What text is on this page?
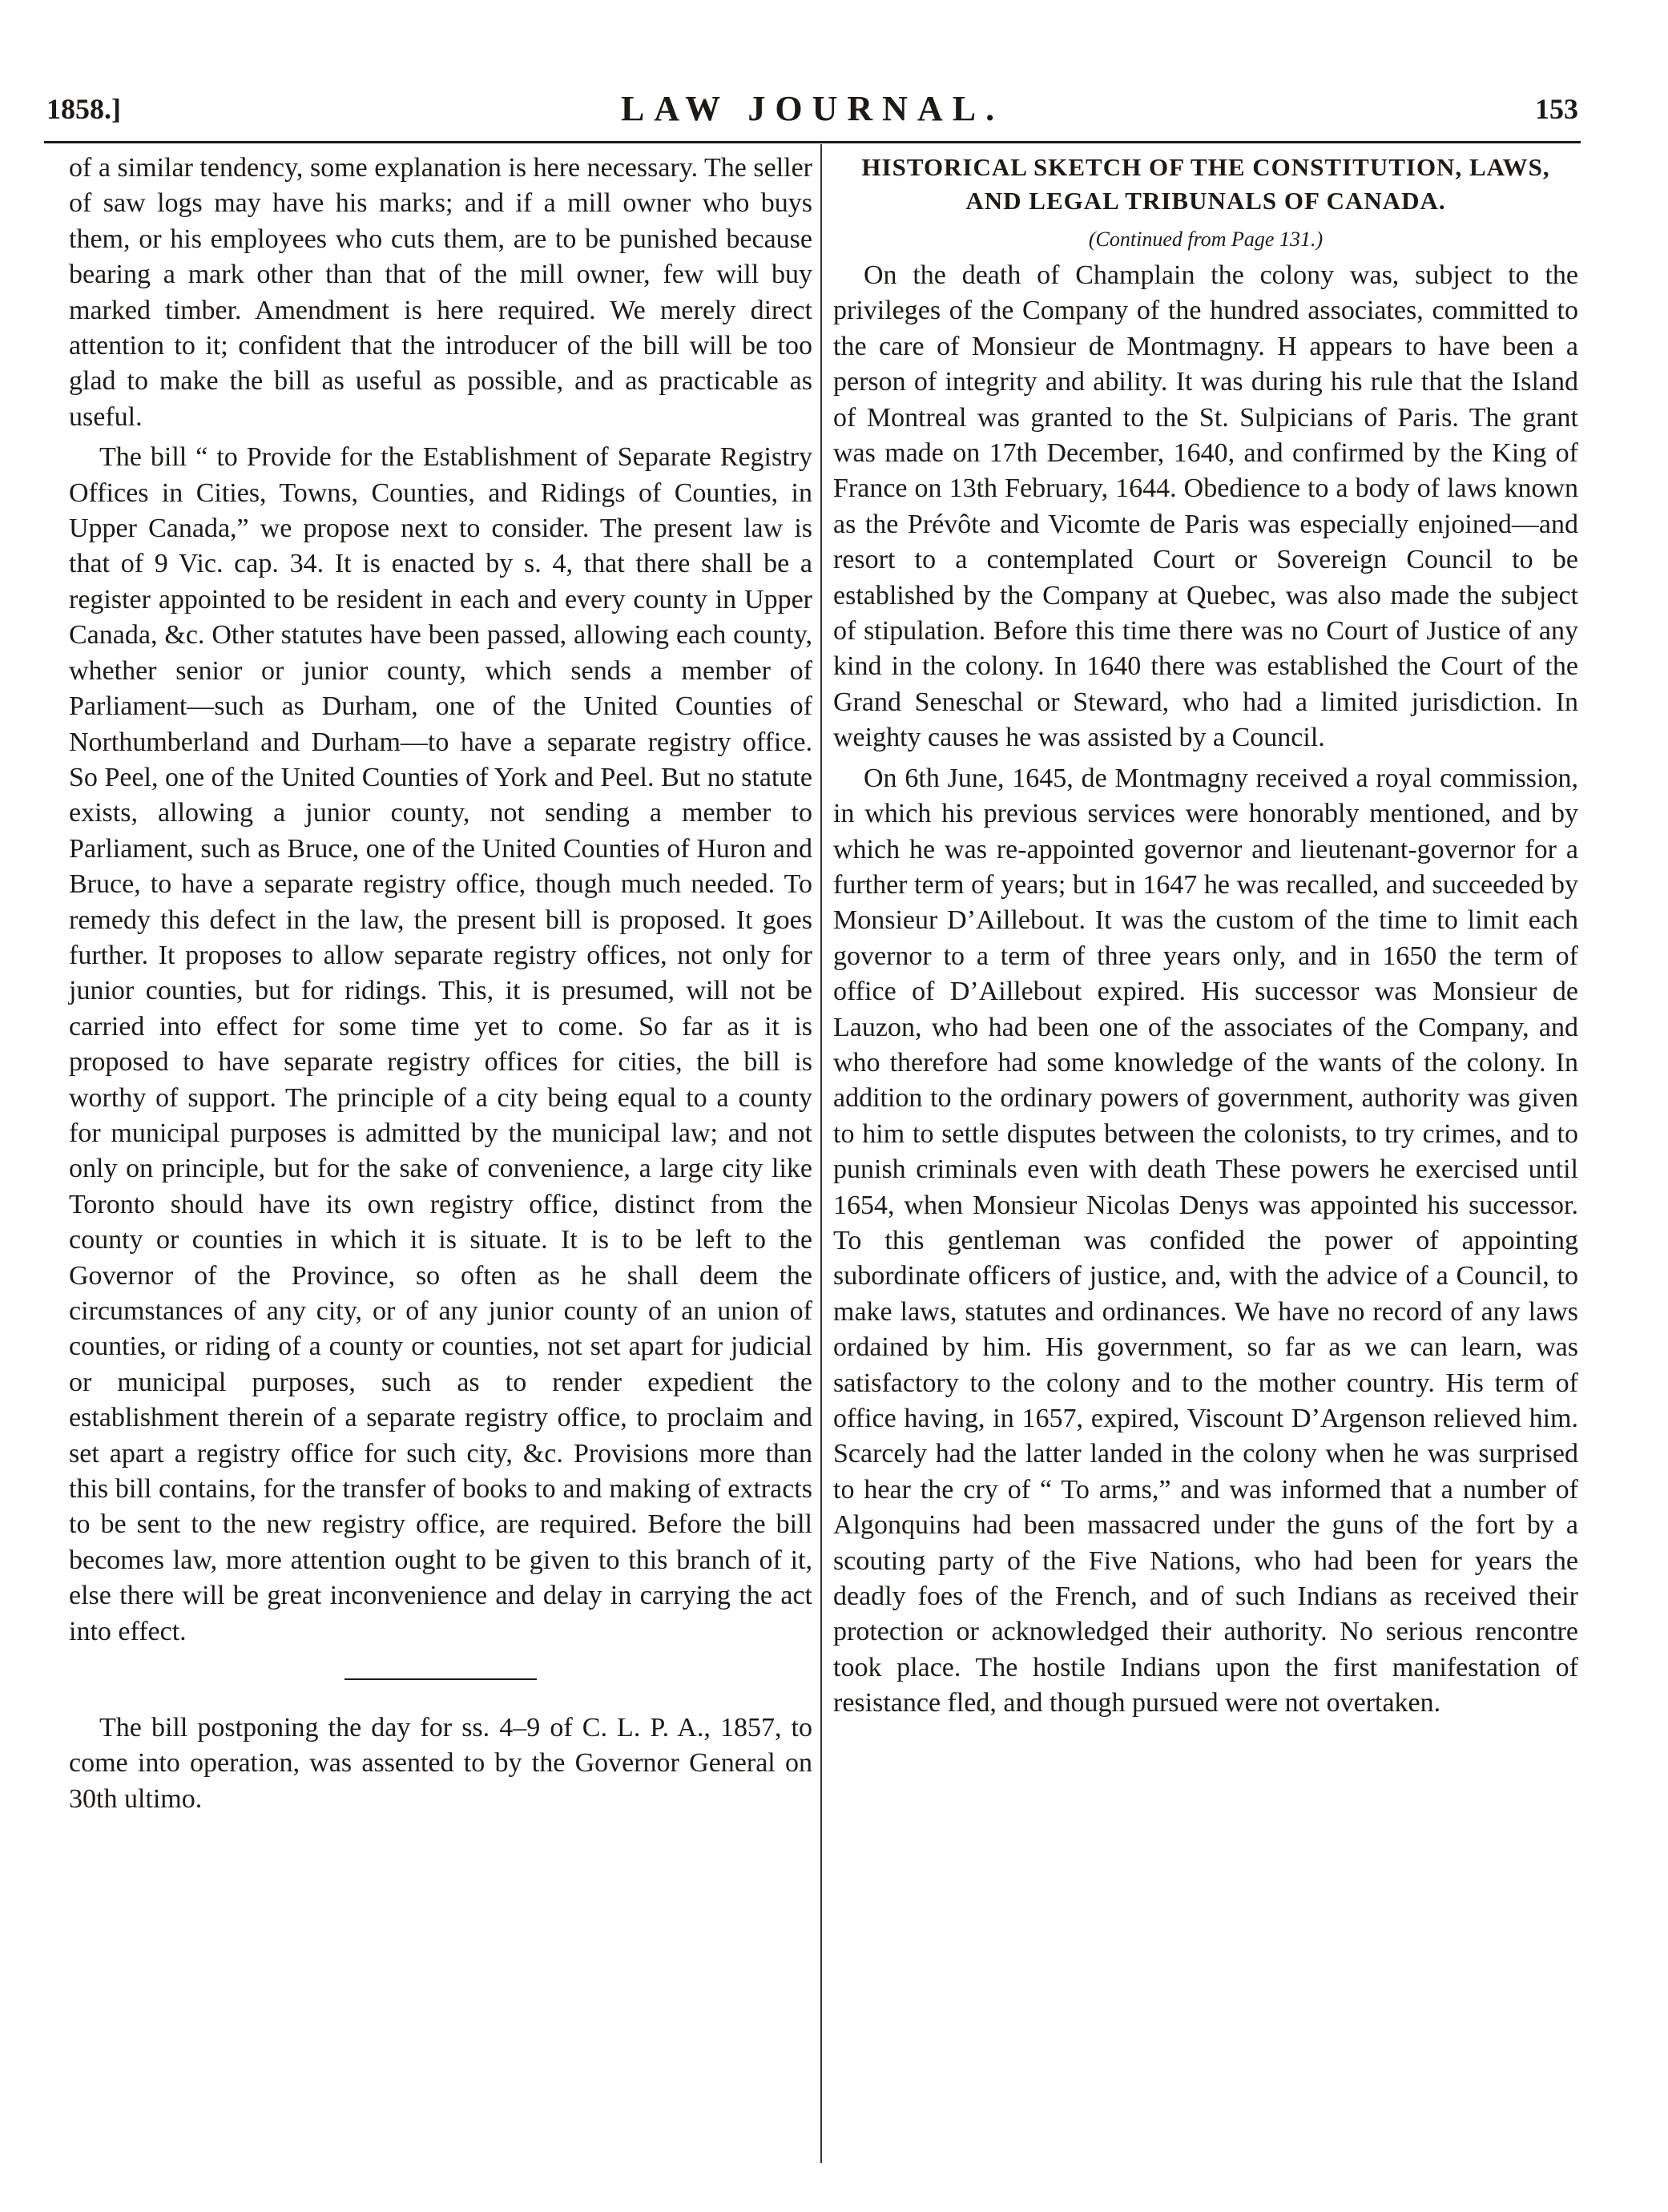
1858.]	LAW JOURNAL.	153

of a similar tendency, some explanation is here necessary. The seller of saw logs may have his marks; and if a mill owner who buys them, or his employees who cuts them, are to be punished because bearing a mark other than that of the mill owner, few will buy marked timber. Amendment is here required. We merely direct attention to it; confident that the introducer of the bill will be too glad to make the bill as useful as possible, and as practicable as useful.

The bill “ to Provide for the Establishment of Separate Registry Offices in Cities, Towns, Counties, and Ridings of Counties, in Upper Canada,” we propose next to consider. The present law is that of 9 Vic. cap. 34. It is enacted by s. 4, that there shall be a register appointed to be resident in each and every county in Upper Canada, &c. Other statutes have been passed, allowing each county, whether senior or junior county, which sends a member of Parliament—such as Durham, one of the United Counties of Northumberland and Durham—to have a separate registry office. So Peel, one of the United Counties of York and Peel. But no statute exists, allowing a junior county, not sending a member to Parliament, such as Bruce, one of the United Counties of Huron and Bruce, to have a separate registry office, though much needed. To remedy this defect in the law, the present bill is proposed. It goes further. It proposes to allow separate registry offices, not only for junior counties, but for ridings. This, it is presumed, will not be carried into effect for some time yet to come. So far as it is proposed to have separate registry offices for cities, the bill is worthy of support. The principle of a city being equal to a county for municipal purposes is admitted by the municipal law; and not only on principle, but for the sake of convenience, a large city like Toronto should have its own registry office, distinct from the county or counties in which it is situate. It is to be left to the Governor of the Province, so often as he shall deem the circumstances of any city, or of any junior county of an union of counties, or riding of a county or counties, not set apart for judicial or municipal purposes, such as to render expedient the establishment therein of a separate registry office, to proclaim and set apart a registry office for such city, &c. Provisions more than this bill contains, for the transfer of books to and making of extracts to be sent to the new registry office, are required. Before the bill becomes law, more attention ought to be given to this branch of it, else there will be great inconvenience and delay in carrying the act into effect.

The bill postponing the day for ss. 4–9 of C. L. P. A., 1857, to come into operation, was assented to by the Governor General on 30th ultimo.

HISTORICAL SKETCH OF THE CONSTITUTION, LAWS, AND LEGAL TRIBUNALS OF CANADA.
(Continued from Page 131.)

On the death of Champlain the colony was, subject to the privileges of the Company of the hundred associates, committed to the care of Monsieur de Montmagny. H appears to have been a person of integrity and ability. It was during his rule that the Island of Montreal was granted to the St. Sulpicians of Paris. The grant was made on 17th December, 1640, and confirmed by the King of France on 13th February, 1644. Obedience to a body of laws known as the Prévôte and Vicomte de Paris was especially enjoined—and resort to a contemplated Court or Sovereign Council to be established by the Company at Quebec, was also made the subject of stipulation. Before this time there was no Court of Justice of any kind in the colony. In 1640 there was established the Court of the Grand Seneschal or Steward, who had a limited jurisdiction. In weighty causes he was assisted by a Council.

On 6th June, 1645, de Montmagny received a royal commission, in which his previous services were honorably mentioned, and by which he was re-appointed governor and lieutenant-governor for a further term of years; but in 1647 he was recalled, and succeeded by Monsieur D’Aillebout. It was the custom of the time to limit each governor to a term of three years only, and in 1650 the term of office of D’Aillebout expired. His successor was Monsieur de Lauzon, who had been one of the associates of the Company, and who therefore had some knowledge of the wants of the colony. In addition to the ordinary powers of government, authority was given to him to settle disputes between the colonists, to try crimes, and to punish criminals even with death These powers he exercised until 1654, when Monsieur Nicolas Denys was appointed his successor. To this gentleman was confided the power of appointing subordinate officers of justice, and, with the advice of a Council, to make laws, statutes and ordinances. We have no record of any laws ordained by him. His government, so far as we can learn, was satisfactory to the colony and to the mother country. His term of office having, in 1657, expired, Viscount D’Argenson relieved him. Scarcely had the latter landed in the colony when he was surprised to hear the cry of “ To arms,” and was informed that a number of Algonquins had been massacred under the guns of the fort by a scouting party of the Five Nations, who had been for years the deadly foes of the French, and of such Indians as received their protection or acknowledged their authority. No serious rencontre took place. The hostile Indians upon the first manifestation of resistance fled, and though pursued were not overtaken.
